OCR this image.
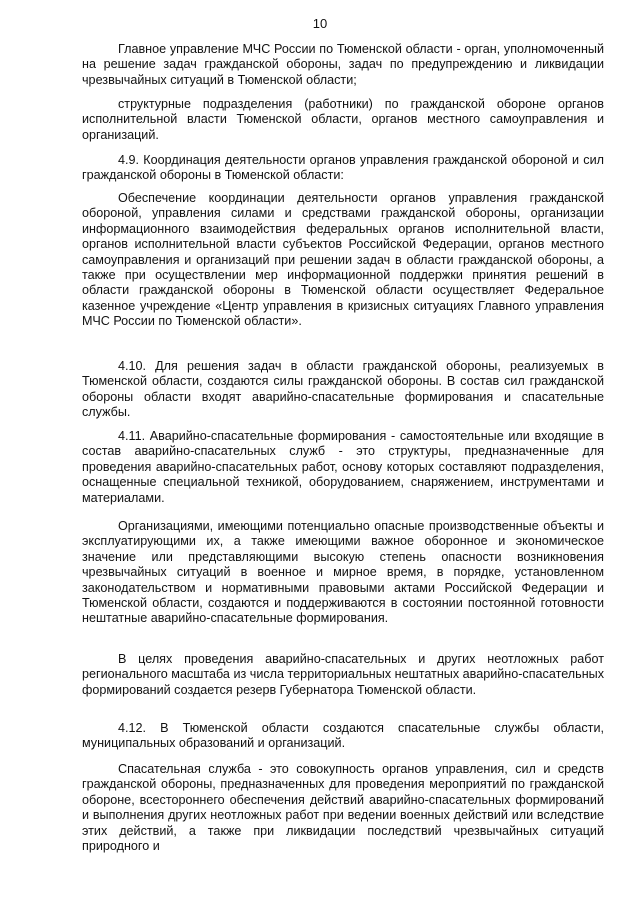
10

Главное управление МЧС России по Тюменской области - орган, уполномоченный на решение задач гражданской обороны, задач по предупреждению и ликвидации чрезвычайных ситуаций в Тюменской области;

структурные подразделения (работники) по гражданской обороне органов исполнительной власти Тюменской области, органов местного самоуправления и организаций.

4.9. Координация деятельности органов управления гражданской обороной и сил гражданской обороны в Тюменской области:

Обеспечение координации деятельности органов управления гражданской обороной, управления силами и средствами гражданской обороны, организации информационного взаимодействия федеральных органов исполнительной власти, органов исполнительной власти субъектов Российской Федерации, органов местного самоуправления и организаций при решении задач в области гражданской обороны, а также при осуществлении мер информационной поддержки принятия решений в области гражданской обороны в Тюменской области осуществляет Федеральное казенное учреждение «Центр управления в кризисных ситуациях Главного управления МЧС России по Тюменской области».

4.10. Для решения задач в области гражданской обороны, реализуемых в Тюменской области, создаются силы гражданской обороны. В состав сил гражданской обороны области входят аварийно-спасательные формирования и спасательные службы.

4.11. Аварийно-спасательные формирования - самостоятельные или входящие в состав аварийно-спасательных служб - это структуры, предназначенные для проведения аварийно-спасательных работ, основу которых составляют подразделения, оснащенные специальной техникой, оборудованием, снаряжением, инструментами и материалами.

Организациями, имеющими потенциально опасные производственные объекты и эксплуатирующими их, а также имеющими важное оборонное и экономическое значение или представляющими высокую степень опасности возникновения чрезвычайных ситуаций в военное и мирное время, в порядке, установленном законодательством и нормативными правовыми актами Российской Федерации и Тюменской области, создаются и поддерживаются в состоянии постоянной готовности нештатные аварийно-спасательные формирования.

В целях проведения аварийно-спасательных и других неотложных работ регионального масштаба из числа территориальных нештатных аварийно-спасательных формирований создается резерв Губернатора Тюменской области.

4.12. В Тюменской области создаются спасательные службы области, муниципальных образований и организаций.

Спасательная служба - это совокупность органов управления, сил и средств гражданской обороны, предназначенных для проведения мероприятий по гражданской обороне, всестороннего обеспечения действий аварийно-спасательных формирований и выполнения других неотложных работ при ведении военных действий или вследствие этих действий, а также при ликвидации последствий чрезвычайных ситуаций природного и
